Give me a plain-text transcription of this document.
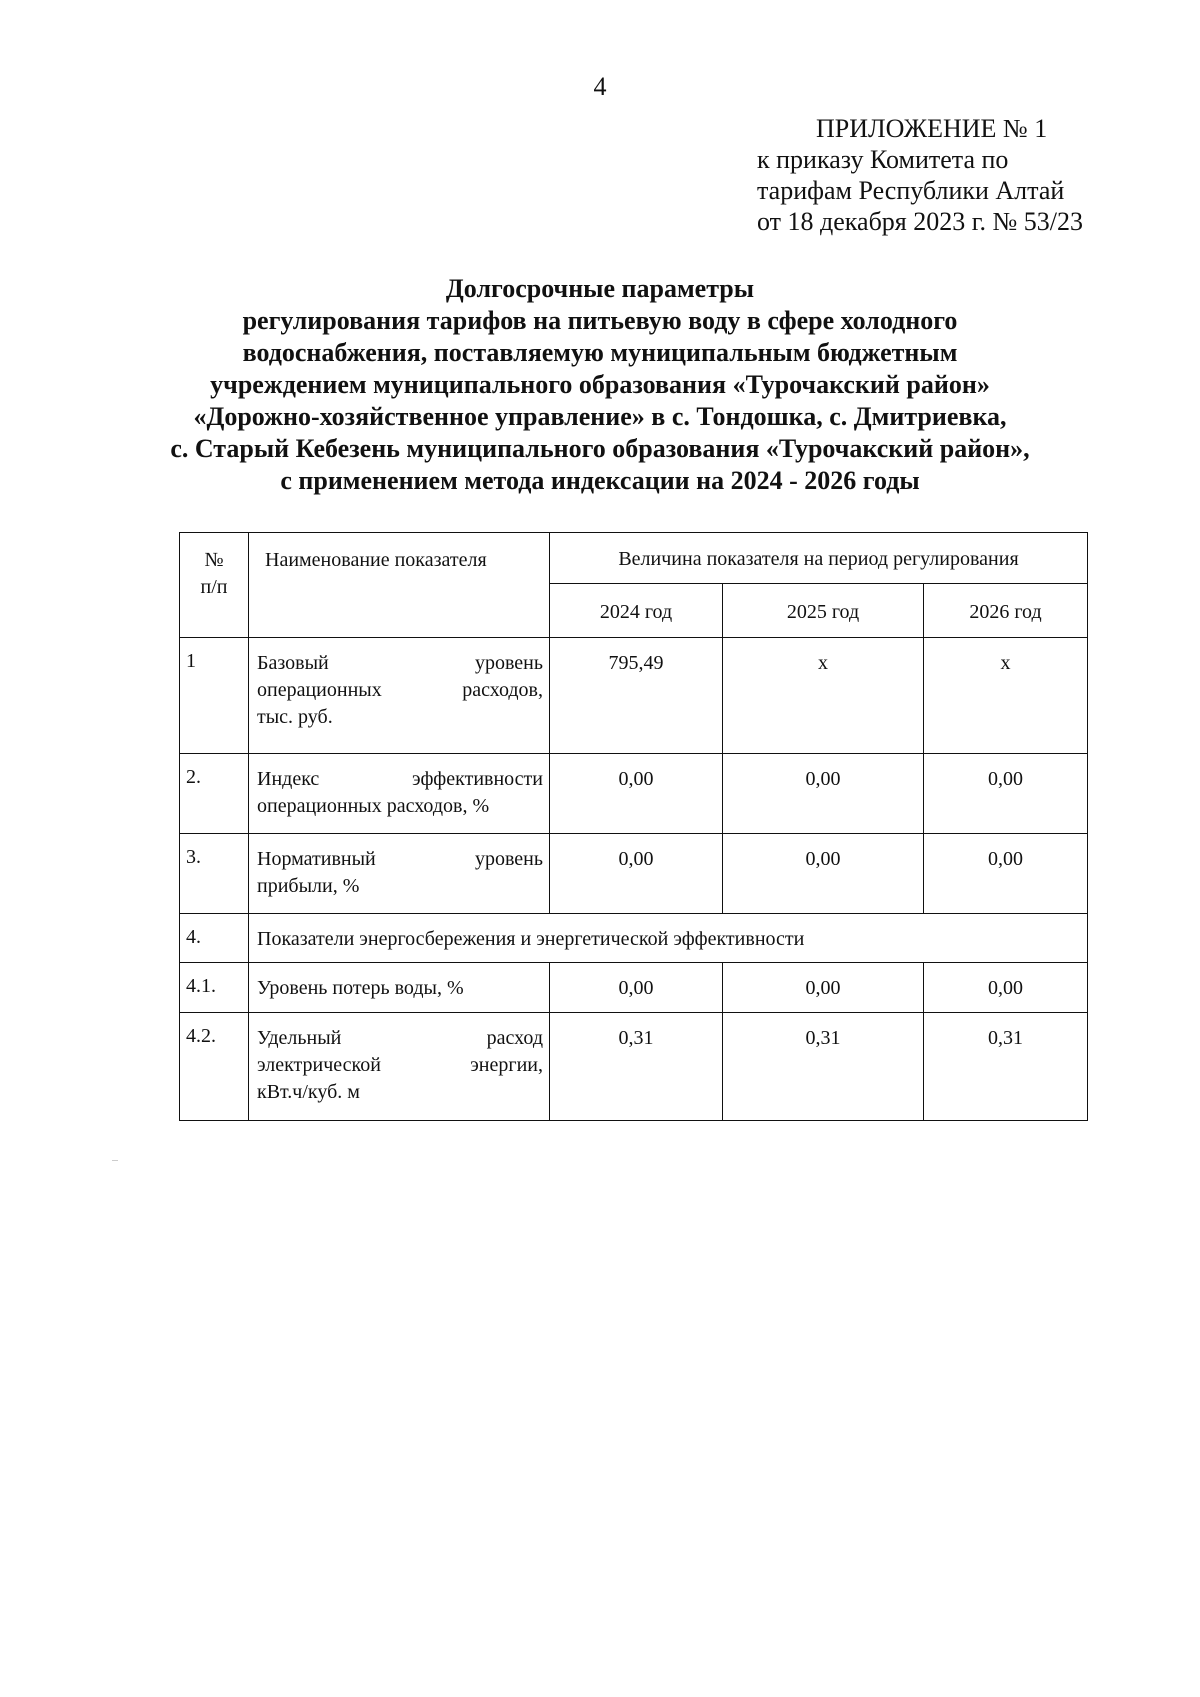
4
ПРИЛОЖЕНИЕ № 1
к приказу Комитета по
тарифам Республики Алтай
от 18 декабря 2023 г. № 53/23
Долгосрочные параметры
регулирования тарифов на питьевую воду в сфере холодного
водоснабжения, поставляемую муниципальным бюджетным
учреждением муниципального образования «Турочакский район»
«Дорожно-хозяйственное управление» в с. Тондошка, с. Дмитриевка,
с. Старый Кебезень муниципального образования «Турочакский район»,
с применением метода индексации на 2024 - 2026 годы
№
п/п	Наименование показателя	Величина показателя на период регулирования		
		2024 год	2025 год	2026 год
1	Базовый уровень
операционных расходов,
тыс. руб.	795,49	х	х
2.	Индекс эффективности
операционных расходов, %	0,00	0,00	0,00
3.	Нормативный уровень
прибыли, %	0,00	0,00	0,00
4.	Показатели энергосбережения и энергетической эффективности			
4.1.	Уровень потерь воды, %	0,00	0,00	0,00
4.2.	Удельный расход
электрической энергии,
кВт.ч/куб. м	0,31	0,31	0,31
